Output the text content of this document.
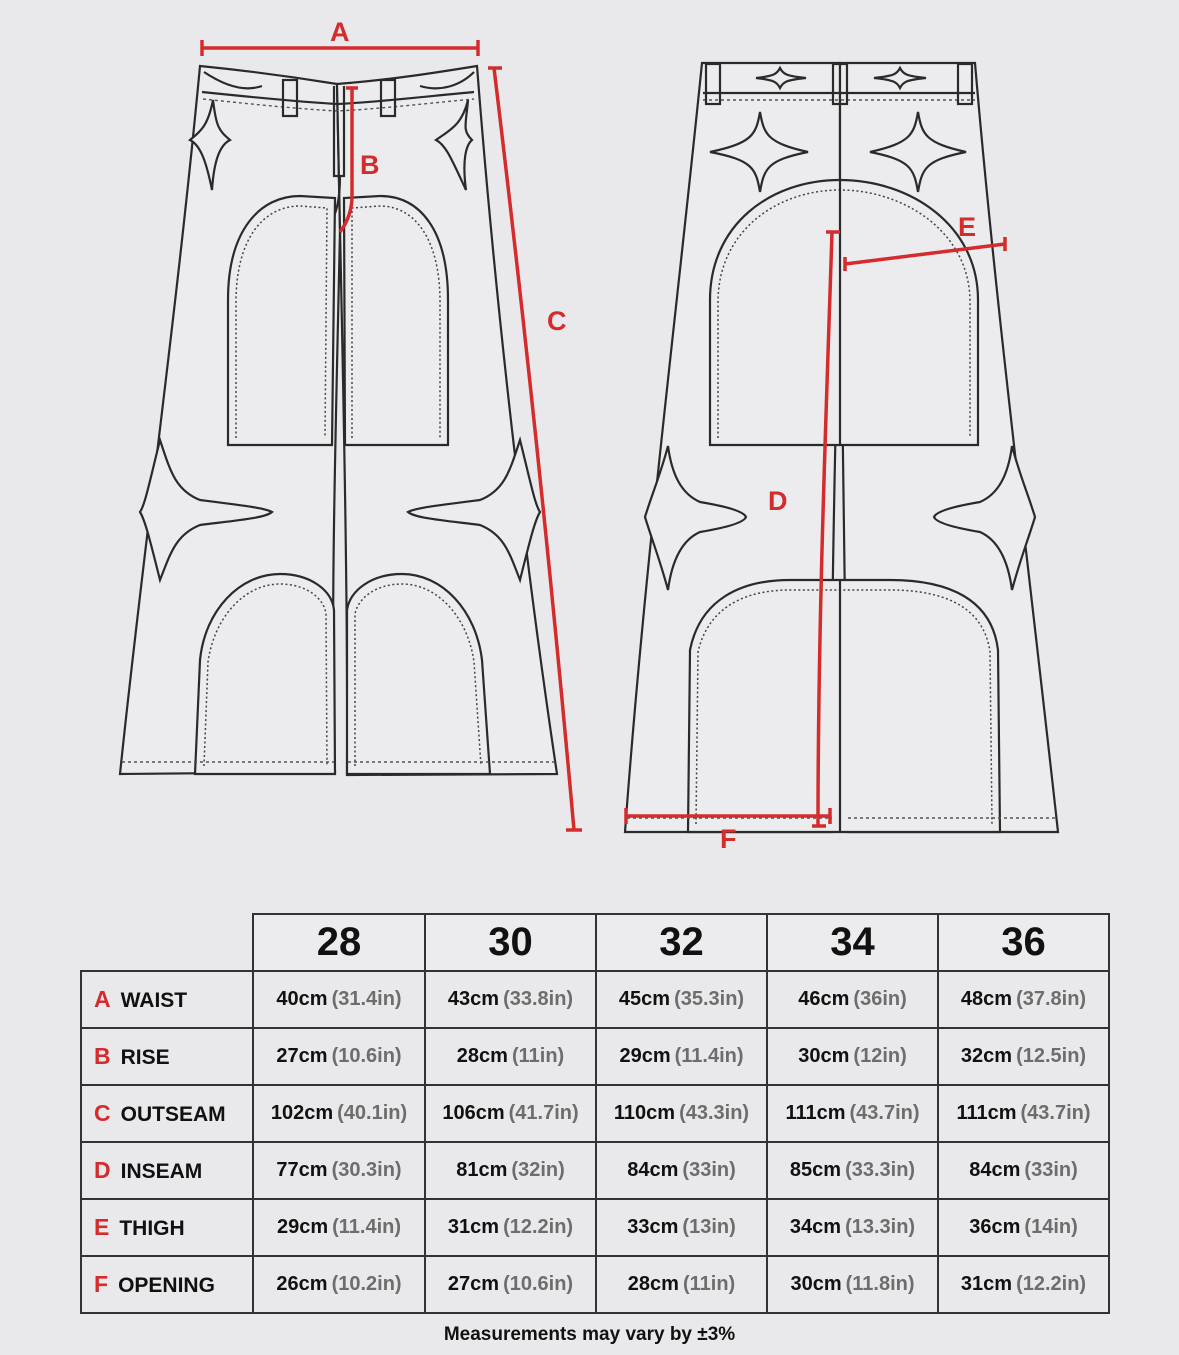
A
B
C
D
E
F
	28	30	32	34	36
A WAIST	40cm (31.4in)	43cm (33.8in)	45cm (35.3in)	46cm (36in)	48cm (37.8in)
B RISE	27cm (10.6in)	28cm (11in)	29cm (11.4in)	30cm (12in)	32cm (12.5in)
C OUTSEAM	102cm (40.1in)	106cm (41.7in)	110cm (43.3in)	111cm (43.7in)	111cm (43.7in)
D INSEAM	77cm (30.3in)	81cm (32in)	84cm (33in)	85cm (33.3in)	84cm (33in)
E THIGH	29cm (11.4in)	31cm (12.2in)	33cm (13in)	34cm (13.3in)	36cm (14in)
F OPENING	26cm (10.2in)	27cm (10.6in)	28cm (11in)	30cm (11.8in)	31cm (12.2in)
Measurements may vary by ±3%
